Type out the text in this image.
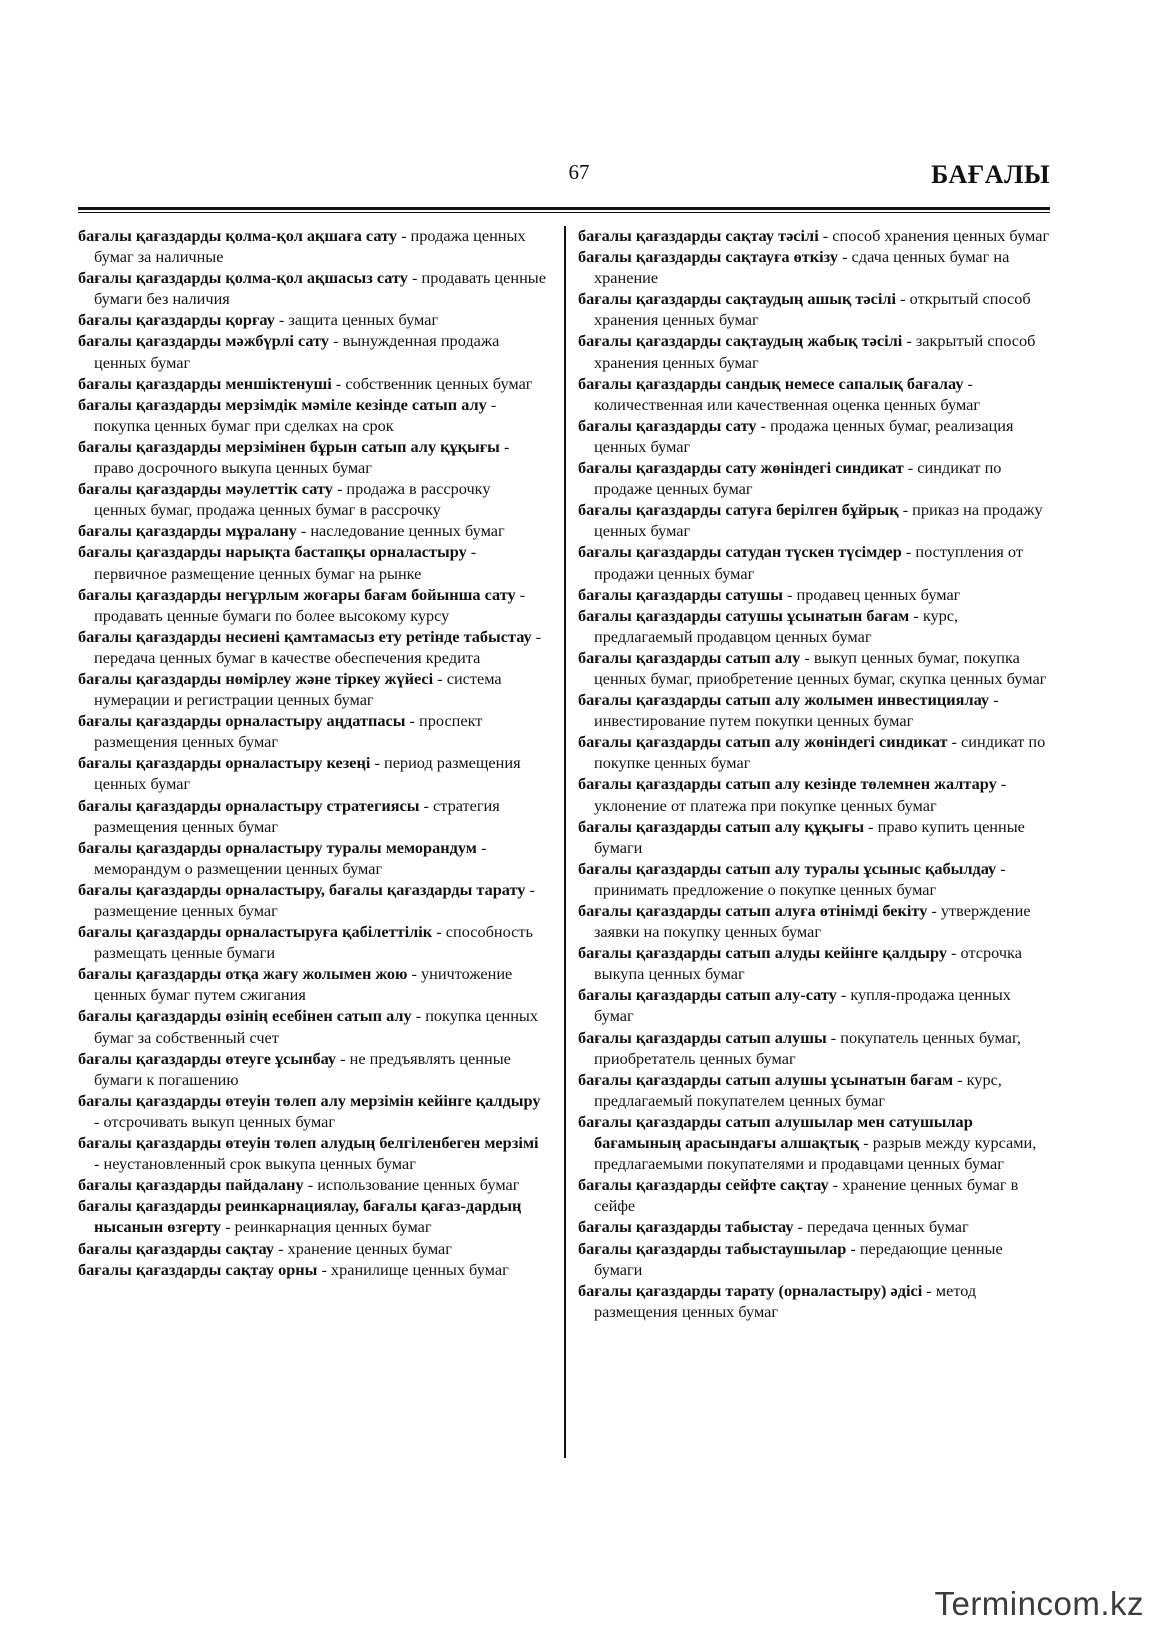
67	БАҒАЛЫ

бағалы қағаздарды қолма-қол ақшаға сату - продажа ценных бумаг за наличные

бағалы қағаздарды қолма-қол ақшасыз сату - продавать ценные бумаги без наличия

бағалы қағаздарды қорғау - защита ценных бумаг

бағалы қағаздарды мәжбүрлі сату - вынужденная продажа ценных бумаг

бағалы қағаздарды меншіктенуші - собственник ценных бумаг

бағалы қағаздарды мерзімдік мәміле кезінде сатып алу - покупка ценных бумаг при сделках на срок

бағалы қағаздарды мерзімінен бұрын сатып алу құқығы - право досрочного выкупа ценных бумаг

бағалы қағаздарды мәулеттік сату - продажа в рассрочку ценных бумаг, продажа ценных бумаг в рассрочку

бағалы қағаздарды мұралану - наследование ценных бумаг

бағалы қағаздарды нарықта бастапқы орналастыру - первичное размещение ценных бумаг на рынке

бағалы қағаздарды негұрлым жоғары бағам бойынша сату - продавать ценные бумаги по более высокому курсу

бағалы қағаздарды несиені қамтамасыз ету ретінде табыстау - передача ценных бумаг в качестве обеспечения кредита

бағалы қағаздарды нөмірлеу және тіркеу жүйесі - система нумерации и регистрации ценных бумаг

бағалы қағаздарды орналастыру аңдатпасы - проспект размещения ценных бумаг

бағалы қағаздарды орналастыру кезеңі - период размещения ценных бумаг

бағалы қағаздарды орналастыру стратегиясы - стратегия размещения ценных бумаг

бағалы қағаздарды орналастыру туралы меморандум - меморандум о размещении ценных бумаг

бағалы қағаздарды орналастыру, бағалы қағаздарды тарату - размещение ценных бумаг

бағалы қағаздарды орналастыруға қабілеттілік - способность размещать ценные бумаги

бағалы қағаздарды отқа жағу жолымен жою - уничтожение ценных бумаг путем сжигания

бағалы қағаздарды өзінің есебінен сатып алу - покупка ценных бумаг за собственный счет

бағалы қағаздарды өтеуге ұсынбау - не предъявлять ценные бумаги к погашению

бағалы қағаздарды өтеуін төлеп алу мерзімін кейінге қалдыру - отсрочивать выкуп ценных бумаг

бағалы қағаздарды өтеуін төлеп алудың белгіленбеген мерзімі - неустановленный срок выкупа ценных бумаг

бағалы қағаздарды пайдалану - использование ценных бумаг

бағалы қағаздарды реинкарнациялау, бағалы қағаз-дардың нысанын өзгерту - реинкарнация ценных бумаг

бағалы қағаздарды сақтау - хранение ценных бумаг

бағалы қағаздарды сақтау орны - хранилище ценных бумаг

бағалы қағаздарды сақтау тәсілі - способ хранения ценных бумаг

бағалы қағаздарды сақтауға өткізу - сдача ценных бумаг на хранение

бағалы қағаздарды сақтаудың ашық тәсілі - открытый способ хранения ценных бумаг

бағалы қағаздарды сақтаудың жабық тәсілі - закрытый способ хранения ценных бумаг

бағалы қағаздарды сандық немесе сапалық бағалау - количественная или качественная оценка ценных бумаг

бағалы қағаздарды сату - продажа ценных бумаг, реализация ценных бумаг

бағалы қағаздарды сату жөніндегі синдикат - синдикат по продаже ценных бумаг

бағалы қағаздарды сатуға берілген бұйрық - приказ на продажу ценных бумаг

бағалы қағаздарды сатудан түскен түсімдер - поступления от продажи ценных бумаг

бағалы қағаздарды сатушы - продавец ценных бумаг

бағалы қағаздарды сатушы ұсынатын бағам - курс, предлагаемый продавцом ценных бумаг

бағалы қағаздарды сатып алу - выкуп ценных бумаг, покупка ценных бумаг, приобретение ценных бумаг, скупка ценных бумаг

бағалы қағаздарды сатып алу жолымен инвестициялау - инвестирование путем покупки ценных бумаг

бағалы қағаздарды сатып алу жөніндегі синдикат - синдикат по покупке ценных бумаг

бағалы қағаздарды сатып алу кезінде төлемнен жалтару - уклонение от платежа при покупке ценных бумаг

бағалы қағаздарды сатып алу құқығы - право купить ценные бумаги

бағалы қағаздарды сатып алу туралы ұсыныс қабылдау - принимать предложение о покупке ценных бумаг

бағалы қағаздарды сатып алуға өтінімді бекіту - утверждение заявки на покупку ценных бумаг

бағалы қағаздарды сатып алуды кейінге қалдыру - отсрочка выкупа ценных бумаг

бағалы қағаздарды сатып алу-сату - купля-продажа ценных бумаг

бағалы қағаздарды сатып алушы - покупатель ценных бумаг, приобретатель ценных бумаг

бағалы қағаздарды сатып алушы ұсынатын бағам - курс, предлагаемый покупателем ценных бумаг

бағалы қағаздарды сатып алушылар мен сатушылар бағамының арасындағы алшақтық - разрыв между курсами, предлагаемыми покупателями и продавцами ценных бумаг

бағалы қағаздарды сейфте сақтау - хранение ценных бумаг в сейфе

бағалы қағаздарды табыстау - передача ценных бумаг

бағалы қағаздарды табыстаушылар - передающие ценные бумаги

бағалы қағаздарды тарату (орналастыру) әдісі - метод размещения ценных бумаг

Termincom.kz
